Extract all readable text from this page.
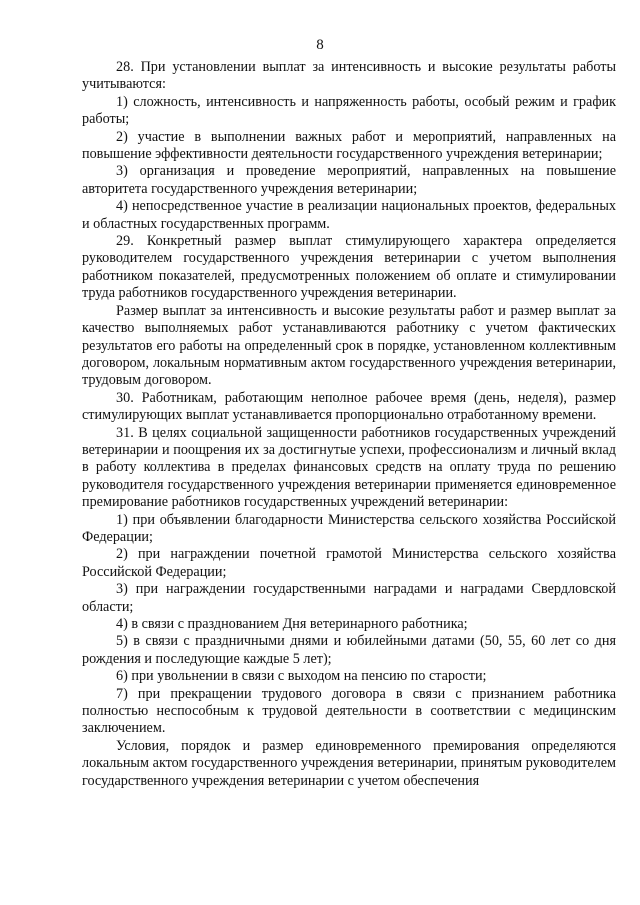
8

28. При установлении выплат за интенсивность и высокие результаты работы учитываются:

1) сложность, интенсивность и напряженность работы, особый режим и график работы;

2) участие в выполнении важных работ и мероприятий, направленных на повышение эффективности деятельности государственного учреждения ветеринарии;

3) организация и проведение мероприятий, направленных на повышение авторитета государственного учреждения ветеринарии;

4) непосредственное участие в реализации национальных проектов, федеральных и областных государственных программ.

29. Конкретный размер выплат стимулирующего характера определяется руководителем государственного учреждения ветеринарии с учетом выполнения работником показателей, предусмотренных положением об оплате и стимулировании труда работников государственного учреждения ветеринарии.

Размер выплат за интенсивность и высокие результаты работ и размер выплат за качество выполняемых работ устанавливаются работнику с учетом фактических результатов его работы на определенный срок в порядке, установленном коллективным договором, локальным нормативным актом государственного учреждения ветеринарии, трудовым договором.

30. Работникам, работающим неполное рабочее время (день, неделя), размер стимулирующих выплат устанавливается пропорционально отработанному времени.

31. В целях социальной защищенности работников государственных учреждений ветеринарии и поощрения их за достигнутые успехи, профессионализм и личный вклад в работу коллектива в пределах финансовых средств на оплату труда по решению руководителя государственного учреждения ветеринарии применяется единовременное премирование работников государственных учреждений ветеринарии:

1) при объявлении благодарности Министерства сельского хозяйства Российской Федерации;

2) при награждении почетной грамотой Министерства сельского хозяйства Российской Федерации;

3) при награждении государственными наградами и наградами Свердловской области;

4) в связи с празднованием Дня ветеринарного работника;

5) в связи с праздничными днями и юбилейными датами (50, 55, 60 лет со дня рождения и последующие каждые 5 лет);

6) при увольнении в связи с выходом на пенсию по старости;

7) при прекращении трудового договора в связи с признанием работника полностью неспособным к трудовой деятельности в соответствии с медицинским заключением.

Условия, порядок и размер единовременного премирования определяются локальным актом государственного учреждения ветеринарии, принятым руководителем государственного учреждения ветеринарии с учетом обеспечения
